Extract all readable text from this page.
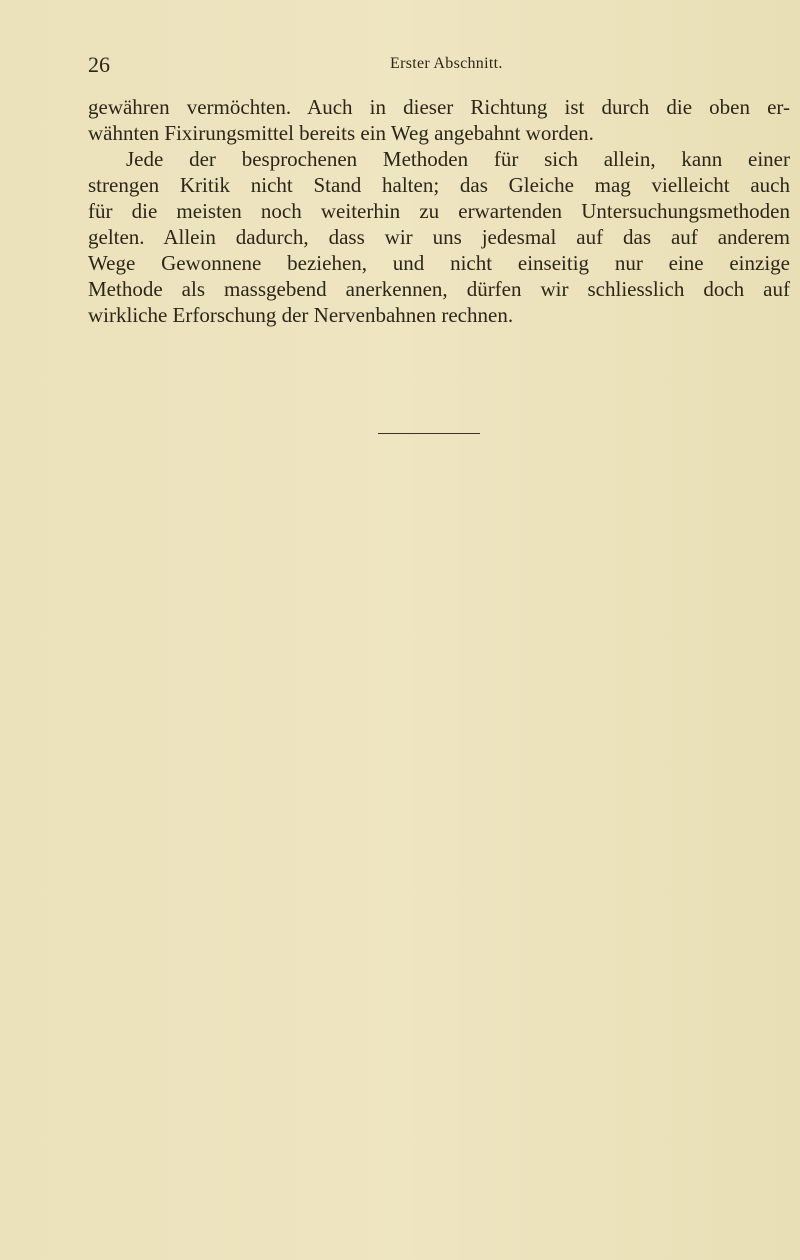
26	Erster Abschnitt.
gewähren vermöchten. Auch in dieser Richtung ist durch die oben er-
wähnten Fixirungsmittel bereits ein Weg angebahnt worden.
Jede der besprochenen Methoden für sich allein, kann einer
strengen Kritik nicht Stand halten; das Gleiche mag vielleicht auch
für die meisten noch weiterhin zu erwartenden Untersuchungsmethoden
gelten. Allein dadurch, dass wir uns jedesmal auf das auf anderem
Wege Gewonnene beziehen, und nicht einseitig nur eine einzige
Methode als massgebend anerkennen, dürfen wir schliesslich doch auf
wirkliche Erforschung der Nervenbahnen rechnen.
